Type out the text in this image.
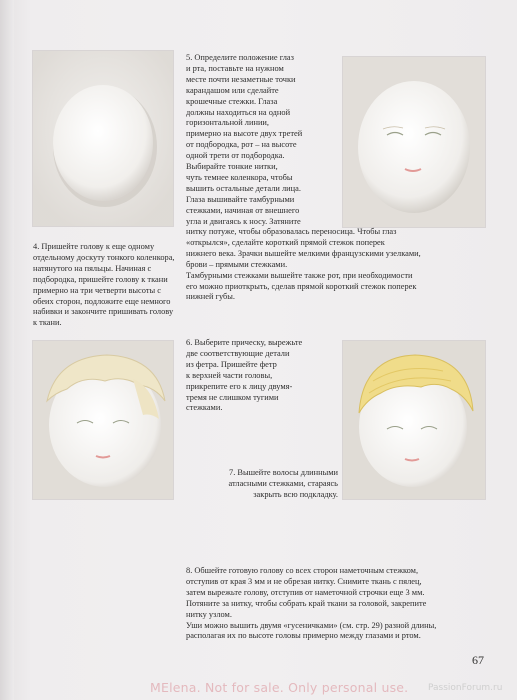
4. Пришейте голову к еще одному отдельному доскуту тонкого коленкора, натянутого на пяльцы. Начиная с подбородка, пришейте голову к ткани примерно на три четверти высоты с обеих сторон, подложите еще немного набивки и закончите пришивать голову к ткани.

5. Определите положение глаз

и рта, поставьте на нужном

месте почти незаметные точки

карандашом или сделайте

крошечные стежки. Глаза

должны находиться на одной

горизонтальной линии,

примерно на высоте двух третей

от подбородка, рот – на высоте

одной трети от подбородка.

Выбирайте тонкие нитки,

чуть темнее коленкора, чтобы

вышить остальные детали лица.

Глаза вышивайте тамбурными

стежками, начиная от внешнего

угла и двигаясь к носу. Затяните

нитку потуже, чтобы образовалась переносица. Чтобы глаз

«открылся», сделайте короткий прямой стежок поперек

нижнего века. Зрачки вышейте мелкими французскими узелками,

брови – прямыми стежками.

Тамбурными стежками вышейте также рот, при необходимости

его можно приоткрыть, сделав прямой короткий стежок поперек

нижней губы.

6. Выберите прическу, вырежьте

две соответствующие детали

из фетра. Пришейте фетр

к верхней части головы,

прикрепите его к лицу двумя-

тремя не слишком тугими

стежками.

7. Вышейте волосы длинными

атласными стежками, стараясь

закрыть всю подкладку.

8. Обшейте готовую голову со всех сторон наметочным стежком,

отступив от края 3 мм и не обрезая нитку. Снимите ткань с пялец,

затем вырежьте голову, отступив от наметочной строчки еще 3 мм.

Потяните за нитку, чтобы собрать край ткани за головой, закрепите

нитку узлом.

Уши можно вышить двумя «гусеничками» (см. стр. 29) разной длины,

располагая их по высоте головы примерно между глазами и ртом.

67
MElena. Not for sale. Only personal use. PassionForum.ru
